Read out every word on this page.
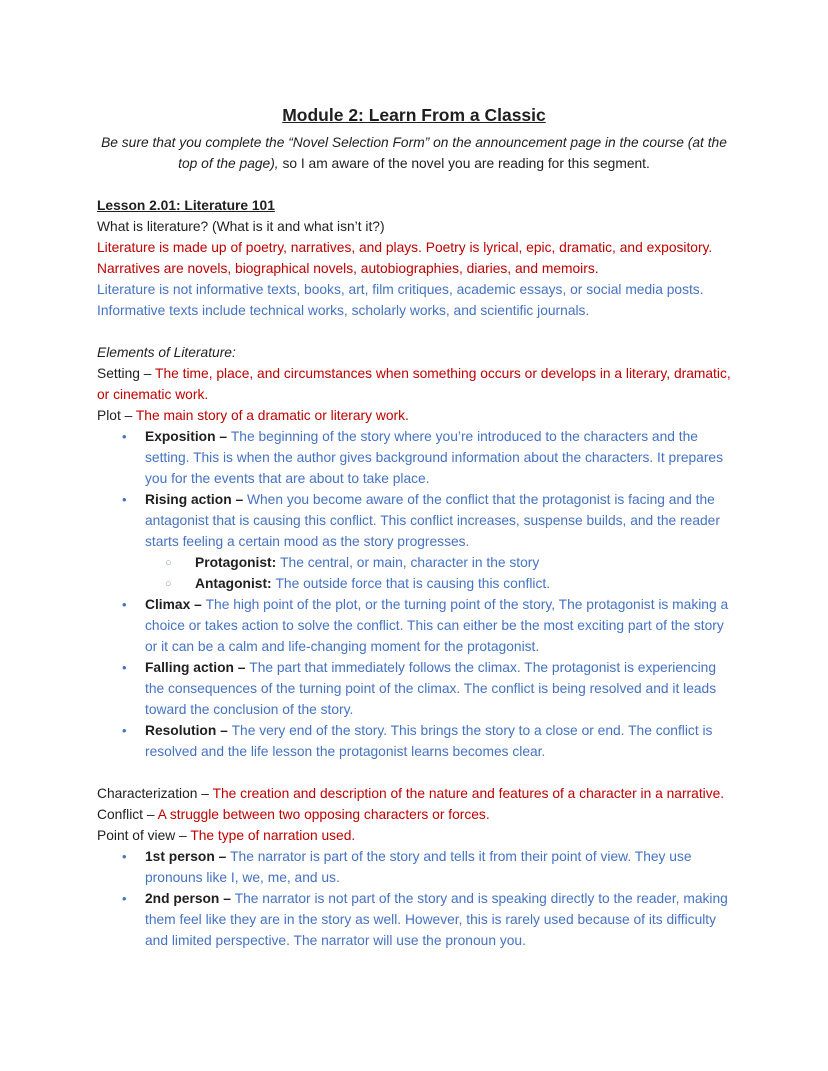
Module 2: Learn From a Classic

Be sure that you complete the “Novel Selection Form” on the announcement page in the course (at the top of the page), so I am aware of the novel you are reading for this segment.

Lesson 2.01: Literature 101

What is literature? (What is it and what isn’t it?)

Literature is made up of poetry, narratives, and plays. Poetry is lyrical, epic, dramatic, and expository.

Narratives are novels, biographical novels, autobiographies, diaries, and memoirs.

Literature is not informative texts, books, art, film critiques, academic essays, or social media posts.

Informative texts include technical works, scholarly works, and scientific journals.

Elements of Literature:

Setting – The time, place, and circumstances when something occurs or develops in a literary, dramatic, or cinematic work.

Plot – The main story of a dramatic or literary work.

• Exposition – The beginning of the story where you’re introduced to the characters and the setting. This is when the author gives background information about the characters. It prepares you for the events that are about to take place.
• Rising action – When you become aware of the conflict that the protagonist is facing and the antagonist that is causing this conflict. This conflict increases, suspense builds, and the reader starts feeling a certain mood as the story progresses.
○ Protagonist: The central, or main, character in the story
○ Antagonist: The outside force that is causing this conflict.
• Climax – The high point of the plot, or the turning point of the story, The protagonist is making a choice or takes action to solve the conflict. This can either be the most exciting part of the story or it can be a calm and life-changing moment for the protagonist.
• Falling action – The part that immediately follows the climax. The protagonist is experiencing the consequences of the turning point of the climax. The conflict is being resolved and it leads toward the conclusion of the story.
• Resolution – The very end of the story. This brings the story to a close or end. The conflict is resolved and the life lesson the protagonist learns becomes clear.

Characterization – The creation and description of the nature and features of a character in a narrative.

Conflict – A struggle between two opposing characters or forces.

Point of view – The type of narration used.

• 1st person – The narrator is part of the story and tells it from their point of view. They use pronouns like I, we, me, and us.
• 2nd person – The narrator is not part of the story and is speaking directly to the reader, making them feel like they are in the story as well. However, this is rarely used because of its difficulty and limited perspective. The narrator will use the pronoun you.
